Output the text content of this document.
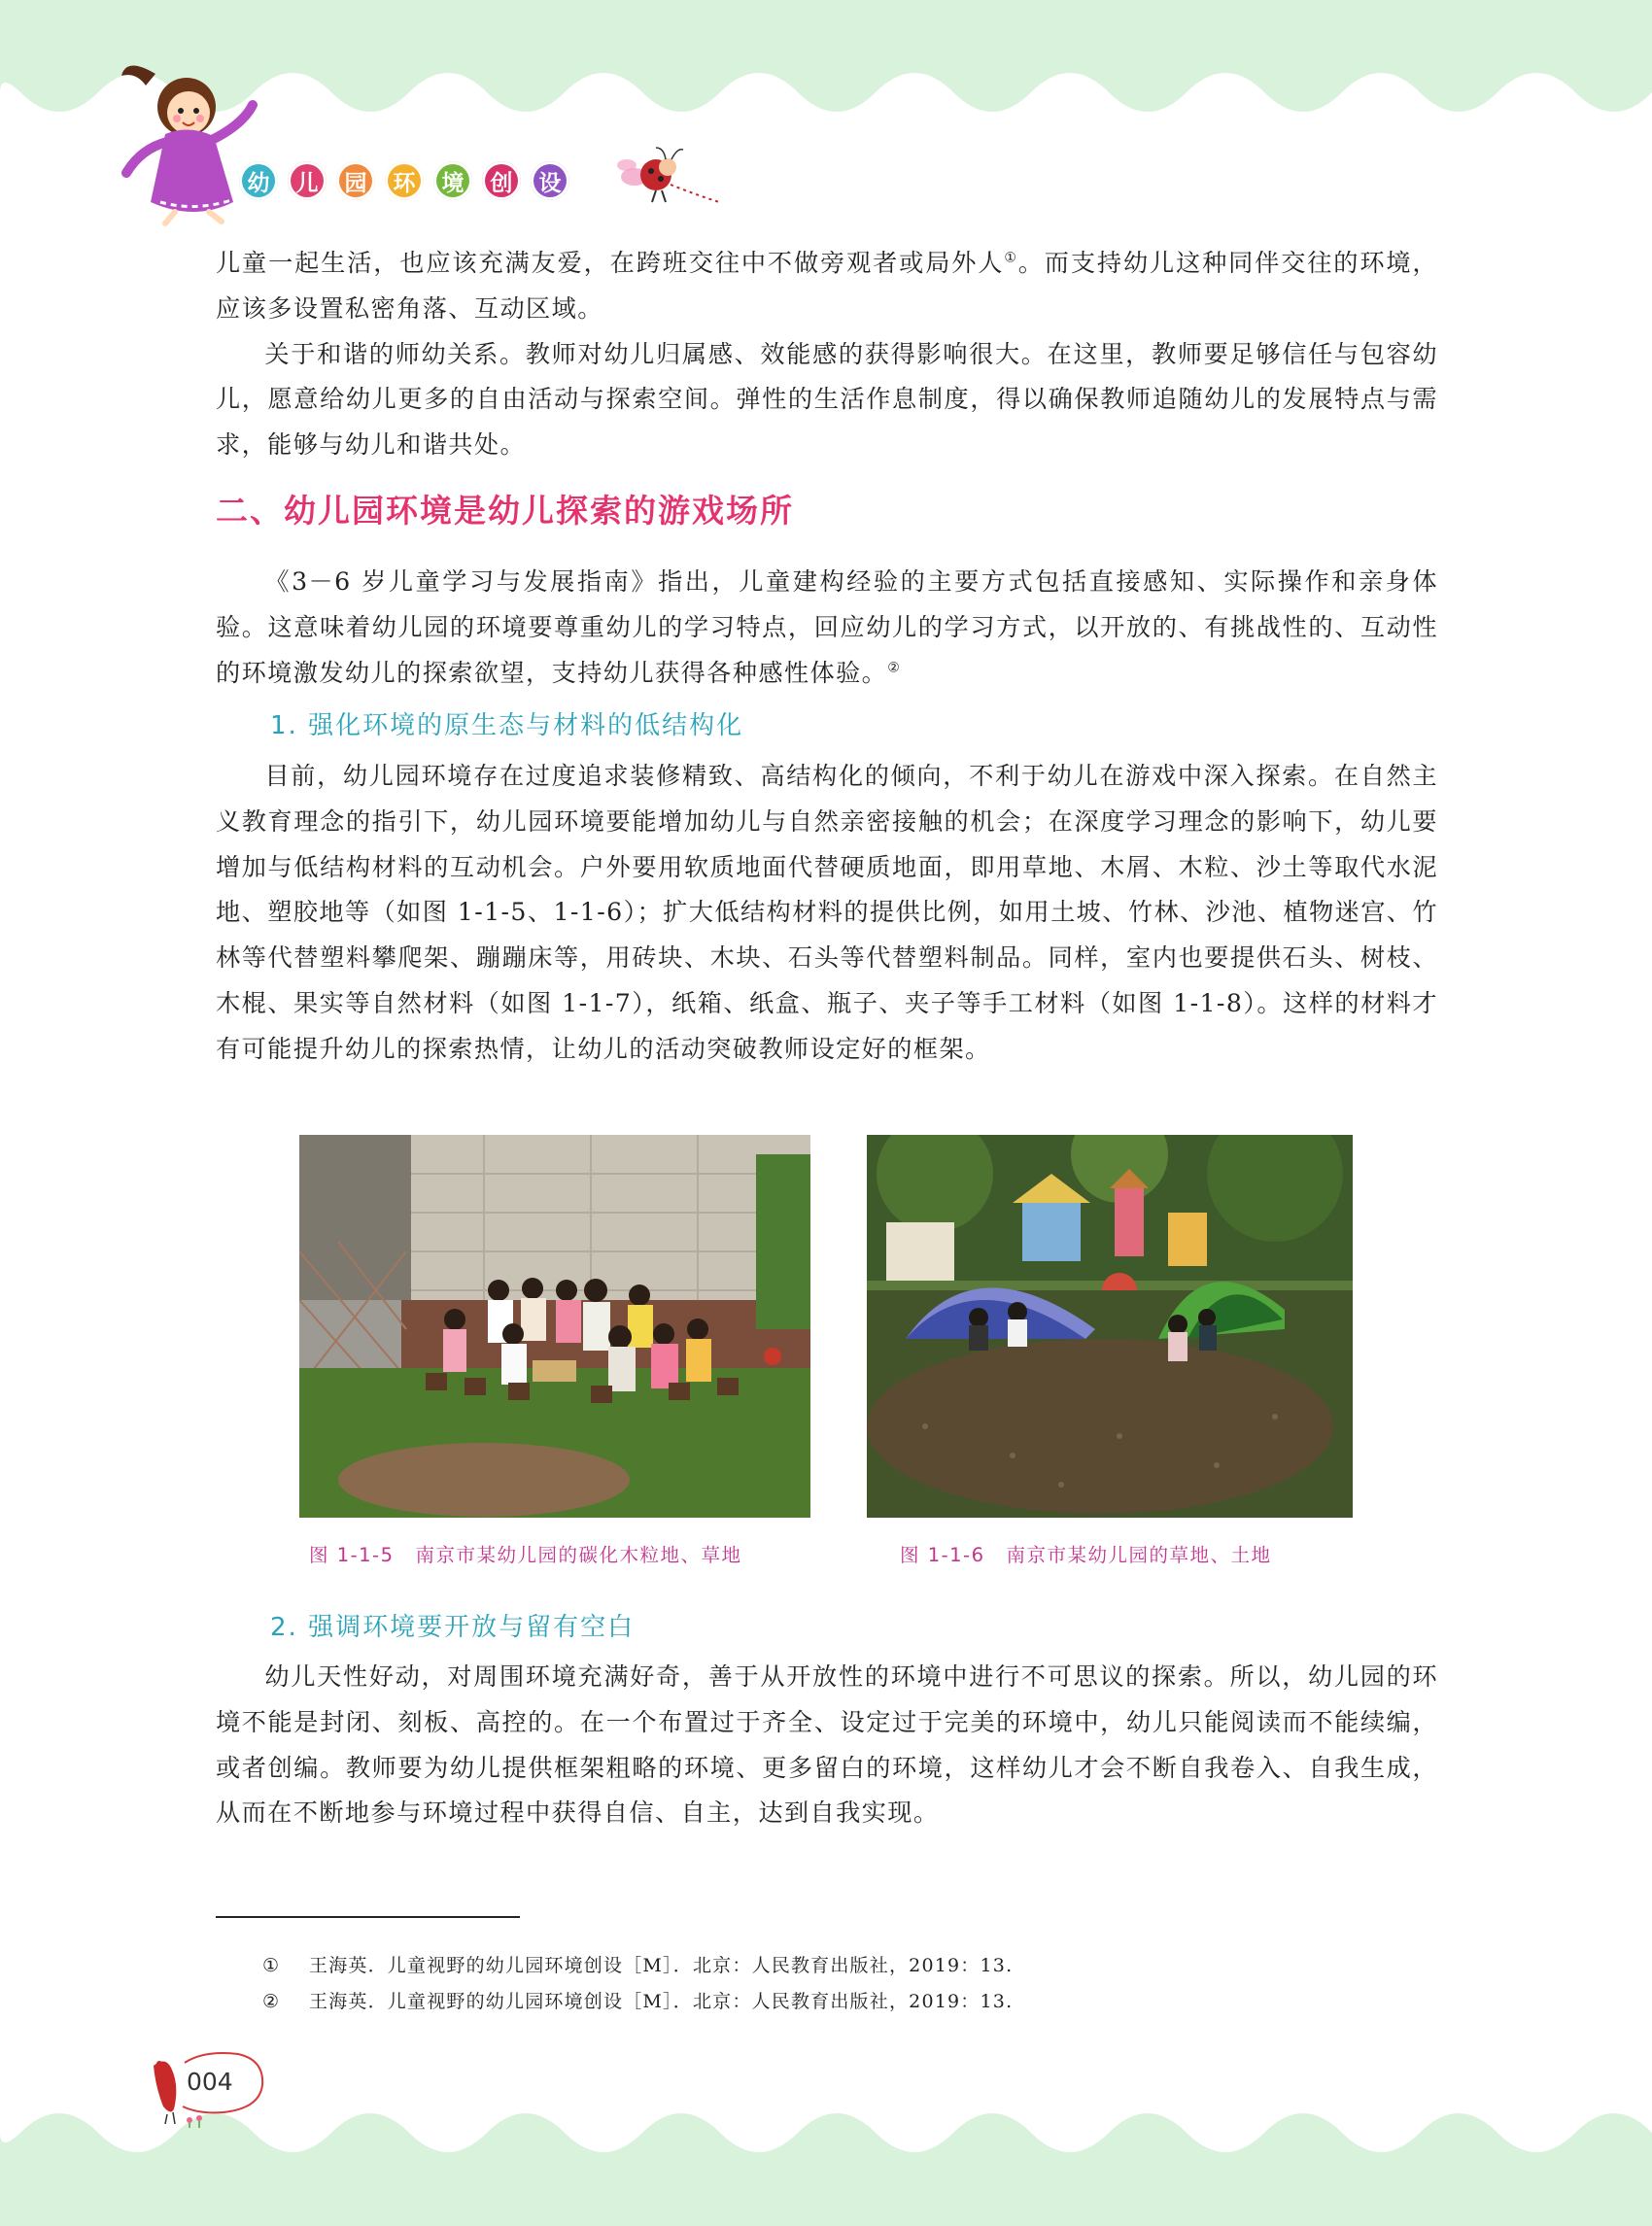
幼	儿	园	环	境	创	设

儿童一起生活，也应该充满友爱，在跨班交往中不做旁观者或局外人①。而支持幼儿这种同伴交往的环境，应该多设置私密角落、互动区域。

关于和谐的师幼关系。教师对幼儿归属感、效能感的获得影响很大。在这里，教师要足够信任与包容幼儿，愿意给幼儿更多的自由活动与探索空间。弹性的生活作息制度，得以确保教师追随幼儿的发展特点与需求，能够与幼儿和谐共处。

二、幼儿园环境是幼儿探索的游戏场所

《3－6 岁儿童学习与发展指南》指出，儿童建构经验的主要方式包括直接感知、实际操作和亲身体验。这意味着幼儿园的环境要尊重幼儿的学习特点，回应幼儿的学习方式，以开放的、有挑战性的、互动性的环境激发幼儿的探索欲望，支持幼儿获得各种感性体验。②

1. 强化环境的原生态与材料的低结构化

目前，幼儿园环境存在过度追求装修精致、高结构化的倾向，不利于幼儿在游戏中深入探索。在自然主义教育理念的指引下，幼儿园环境要能增加幼儿与自然亲密接触的机会；在深度学习理念的影响下，幼儿要增加与低结构材料的互动机会。户外要用软质地面代替硬质地面，即用草地、木屑、木粒、沙土等取代水泥地、塑胶地等（如图 1-1-5、1-1-6）；扩大低结构材料的提供比例，如用土坡、竹林、沙池、植物迷宫、竹林等代替塑料攀爬架、蹦蹦床等，用砖块、木块、石头等代替塑料制品。同样，室内也要提供石头、树枝、木棍、果实等自然材料（如图 1-1-7），纸箱、纸盒、瓶子、夹子等手工材料（如图 1-1-8）。这样的材料才有可能提升幼儿的探索热情，让幼儿的活动突破教师设定好的框架。

图 1-1-5 南京市某幼儿园的碳化木粒地、草地	图 1-1-6 南京市某幼儿园的草地、土地
2. 强调环境要开放与留有空白

幼儿天性好动，对周围环境充满好奇，善于从开放性的环境中进行不可思议的探索。所以，幼儿园的环境不能是封闭、刻板、高控的。在一个布置过于齐全、设定过于完美的环境中，幼儿只能阅读而不能续编，或者创编。教师要为幼儿提供框架粗略的环境、更多留白的环境，这样幼儿才会不断自我卷入、自我生成，从而在不断地参与环境过程中获得自信、自主，达到自我实现。

① 王海英．儿童视野的幼儿园环境创设［M］．北京：人民教育出版社，2019：13.
② 王海英．儿童视野的幼儿园环境创设［M］．北京：人民教育出版社，2019：13.
004
